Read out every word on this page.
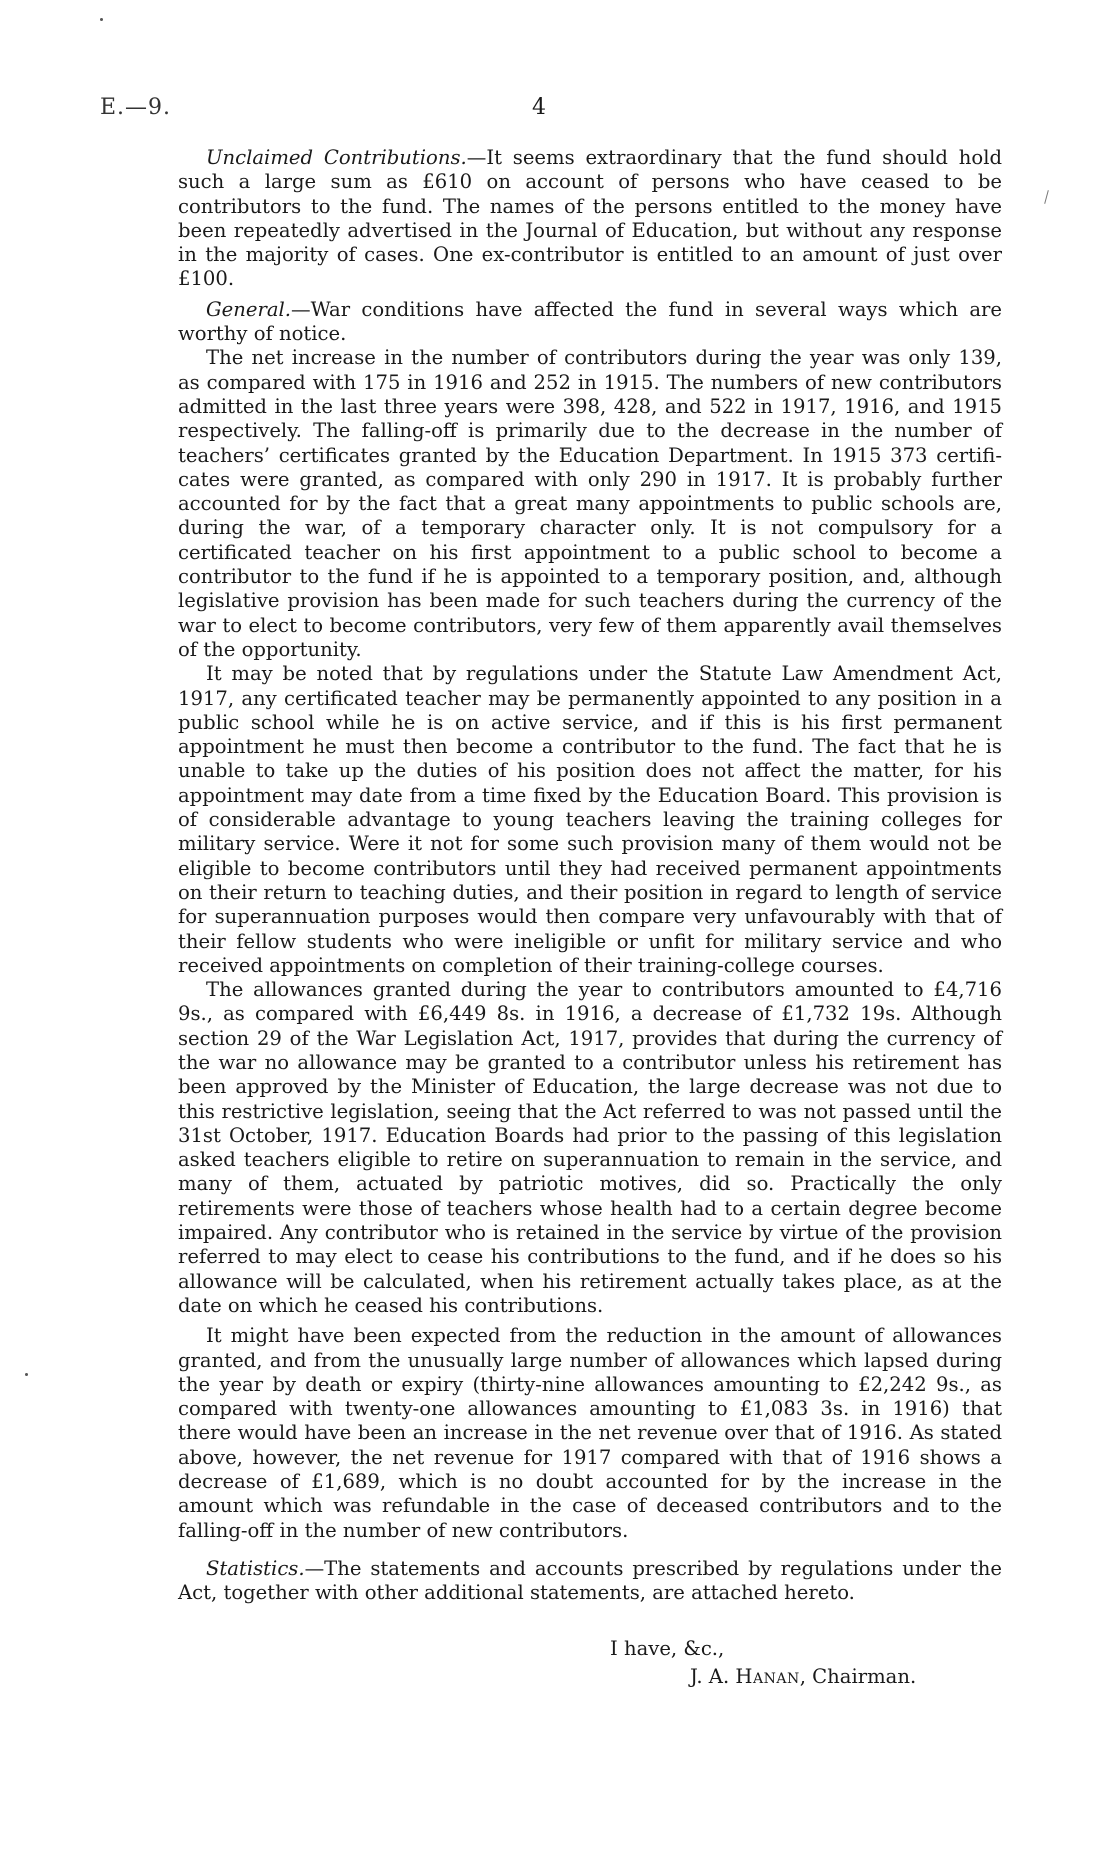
E.—9.	4

Unclaimed Contributions.—It seems extraordinary that the fund should hold such a large sum as £610 on account of persons who have ceased to be contributors to the fund. The names of the persons entitled to the money have been repeatedly advertised in the Journal of Education, but without any response in the majority of cases. One ex-contributor is entitled to an amount of just over £100.

General.—War conditions have affected the fund in several ways which are worthy of notice.

The net increase in the number of contributors during the year was only 139, as compared with 175 in 1916 and 252 in 1915. The numbers of new contributors admitted in the last three years were 398, 428, and 522 in 1917, 1916, and 1915 respectively. The falling-off is primarily due to the decrease in the number of teachers’ certificates granted by the Education Department. In 1915 373 certificates were granted, as compared with only 290 in 1917. It is probably further accounted for by the fact that a great many appointments to public schools are, during the war, of a temporary character only. It is not compulsory for a certificated teacher on his first appointment to a public school to become a contributor to the fund if he is appointed to a temporary position, and, although legislative provision has been made for such teachers during the currency of the war to elect to become contributors, very few of them apparently avail themselves of the opportunity.

It may be noted that by regulations under the Statute Law Amendment Act, 1917, any certificated teacher may be permanently appointed to any position in a public school while he is on active service, and if this is his first permanent appointment he must then become a contributor to the fund. The fact that he is unable to take up the duties of his position does not affect the matter, for his appointment may date from a time fixed by the Education Board. This provision is of considerable advantage to young teachers leaving the training colleges for military service. Were it not for some such provision many of them would not be eligible to become contributors until they had received permanent appointments on their return to teaching duties, and their position in regard to length of service for superannuation purposes would then compare very unfavourably with that of their fellow students who were ineligible or unfit for military service and who received appointments on completion of their training-college courses.

The allowances granted during the year to contributors amounted to £4,716 9s., as compared with £6,449 8s. in 1916, a decrease of £1,732 19s. Although section 29 of the War Legislation Act, 1917, provides that during the currency of the war no allowance may be granted to a contributor unless his retirement has been approved by the Minister of Education, the large decrease was not due to this restrictive legislation, seeing that the Act referred to was not passed until the 31st October, 1917. Education Boards had prior to the passing of this legislation asked teachers eligible to retire on superannuation to remain in the service, and many of them, actuated by patriotic motives, did so. Practically the only retirements were those of teachers whose health had to a certain degree become impaired. Any contributor who is retained in the service by virtue of the provision referred to may elect to cease his contributions to the fund, and if he does so his allowance will be calculated, when his retirement actually takes place, as at the date on which he ceased his contributions.

It might have been expected from the reduction in the amount of allowances granted, and from the unusually large number of allowances which lapsed during the year by death or expiry (thirty-nine allowances amounting to £2,242 9s., as compared with twenty-one allowances amounting to £1,083 3s. in 1916) that there would have been an increase in the net revenue over that of 1916. As stated above, however, the net revenue for 1917 compared with that of 1916 shows a decrease of £1,689, which is no doubt accounted for by the increase in the amount which was refundable in the case of deceased contributors and to the falling-off in the number of new contributors.

Statistics.—The statements and accounts prescribed by regulations under the Act, together with other additional statements, are attached hereto.

I have, &c.,
J. A. Hanan, Chairman.
